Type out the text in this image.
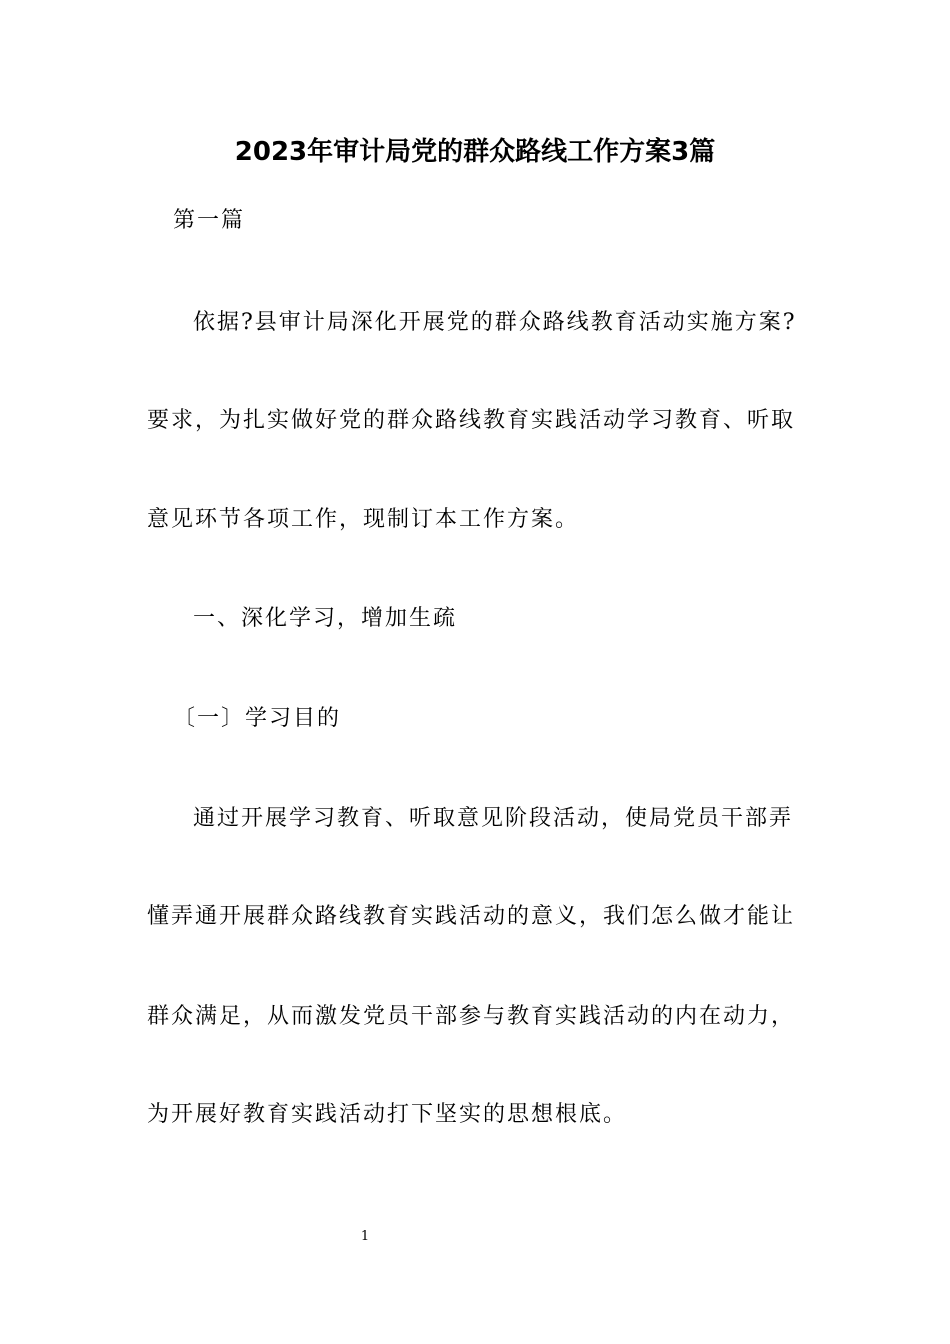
2023年审计局党的群众路线工作方案3篇
第一篇
依据?县审计局深化开展党的群众路线教育活动实施方案?
要求，为扎实做好党的群众路线教育实践活动学习教育、听取
意见环节各项工作，现制订本工作方案。
一、深化学习，增加生疏
〔一〕学习目的
通过开展学习教育、听取意见阶段活动，使局党员干部弄
懂弄通开展群众路线教育实践活动的意义，我们怎么做才能让
群众满足，从而激发党员干部参与教育实践活动的内在动力，
为开展好教育实践活动打下坚实的思想根底。
1
